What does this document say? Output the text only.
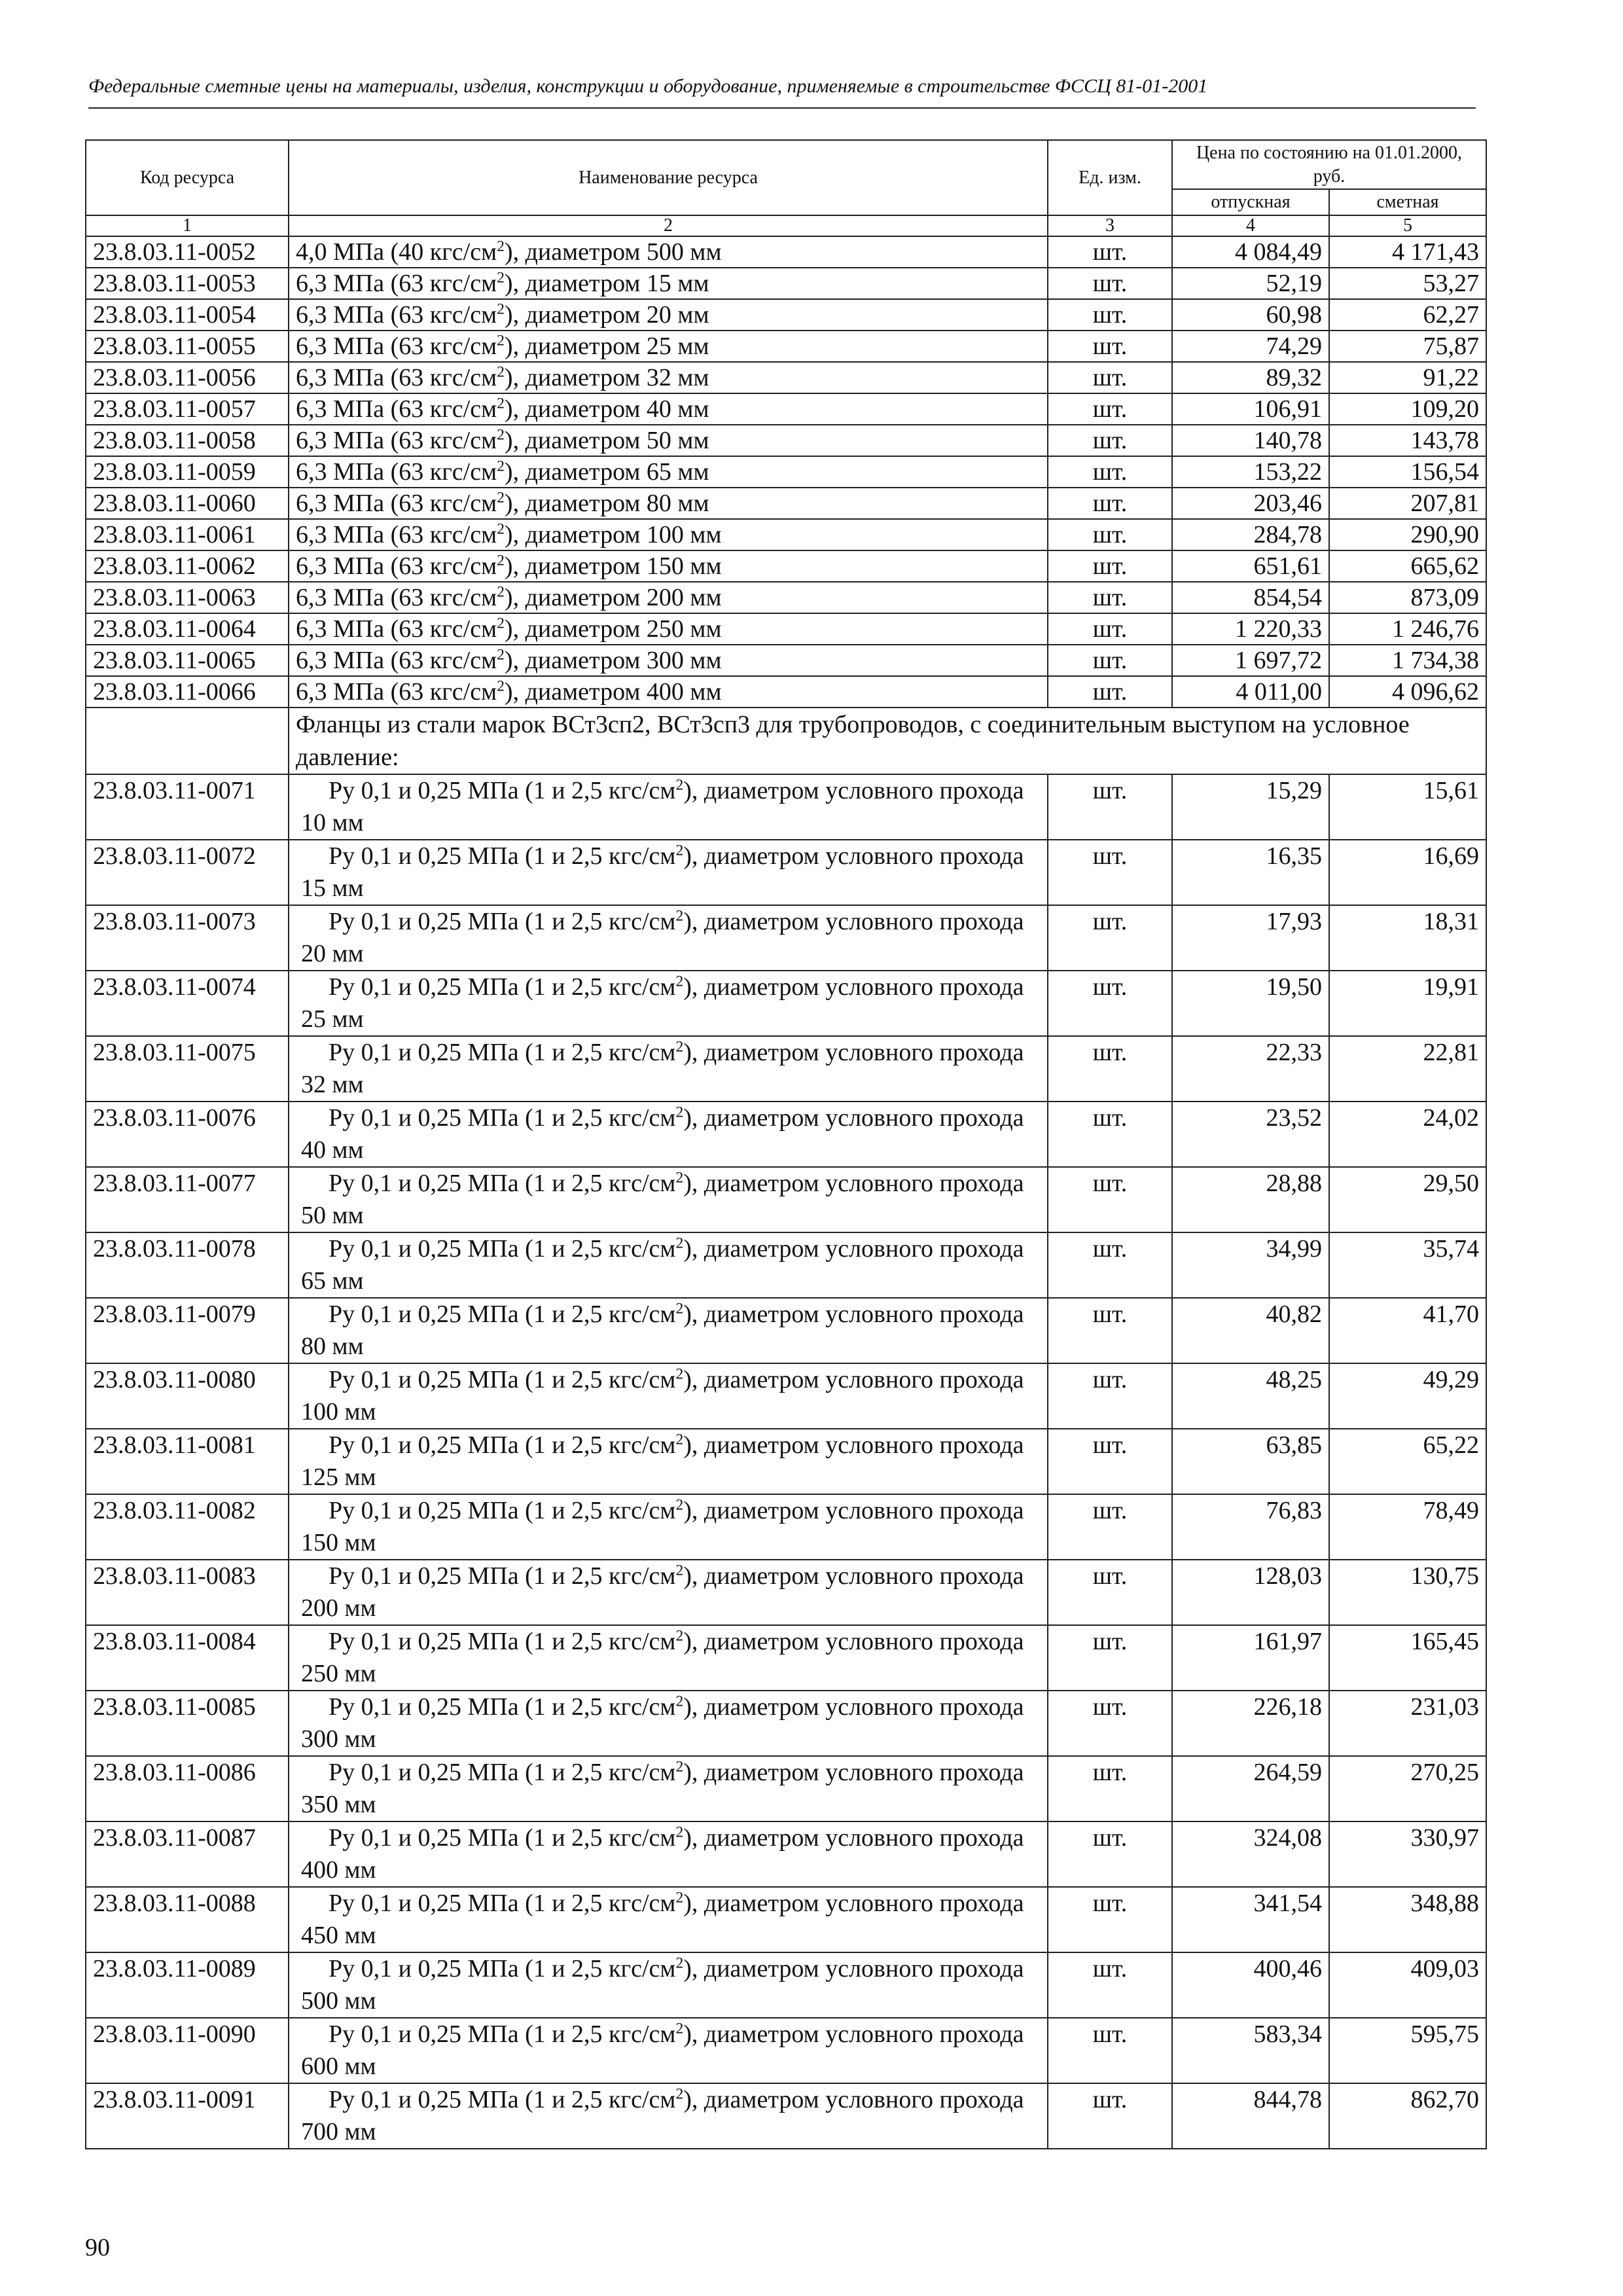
Федеральные сметные цены на материалы, изделия, конструкции и оборудование, применяемые в строительстве ФССЦ 81-01-2001
Код ресурса	Наименование ресурса	Ед. изм.	Цена по состоянию на 01.01.2000, руб.	
			отпускная	сметная
1	2	3	4	5
23.8.03.11-0052	4,0 МПа (40 кгс/$см^2$), диаметром 500 мм	шт.	4 084,49	4 171,43
23.8.03.11-0053	6,3 МПа (63 кгс/$см^2$), диаметром 15 мм	шт.	52,19	53,27
23.8.03.11-0054	6,3 МПа (63 кгс/$см^2$), диаметром 20 мм	шт.	60,98	62,27
23.8.03.11-0055	6,3 МПа (63 кгс/$см^2$), диаметром 25 мм	шт.	74,29	75,87
23.8.03.11-0056	6,3 МПа (63 кгс/$см^2$), диаметром 32 мм	шт.	89,32	91,22
23.8.03.11-0057	6,3 МПа (63 кгс/$см^2$), диаметром 40 мм	шт.	106,91	109,20
23.8.03.11-0058	6,3 МПа (63 кгс/$см^2$), диаметром 50 мм	шт.	140,78	143,78
23.8.03.11-0059	6,3 МПа (63 кгс/$см^2$), диаметром 65 мм	шт.	153,22	156,54
23.8.03.11-0060	6,3 МПа (63 кгс/$см^2$), диаметром 80 мм	шт.	203,46	207,81
23.8.03.11-0061	6,3 МПа (63 кгс/$см^2$), диаметром 100 мм	шт.	284,78	290,90
23.8.03.11-0062	6,3 МПа (63 кгс/$см^2$), диаметром 150 мм	шт.	651,61	665,62
23.8.03.11-0063	6,3 МПа (63 кгс/$см^2$), диаметром 200 мм	шт.	854,54	873,09
23.8.03.11-0064	6,3 МПа (63 кгс/$см^2$), диаметром 250 мм	шт.	1 220,33	1 246,76
23.8.03.11-0065	6,3 МПа (63 кгс/$см^2$), диаметром 300 мм	шт.	1 697,72	1 734,38
23.8.03.11-0066	6,3 МПа (63 кгс/$см^2$), диаметром 400 мм	шт.	4 011,00	4 096,62
	Фланцы из стали марок ВСт3сп2, ВСт3сп3 для трубопроводов, с соединительным выступом на условное давление:			
23.8.03.11-0071	Ру 0,1 и 0,25 МПа (1 и 2,5 кгс/$см^2$), диаметром условного прохода 10 мм	шт.	15,29	15,61
23.8.03.11-0072	Ру 0,1 и 0,25 МПа (1 и 2,5 кгс/$см^2$), диаметром условного прохода 15 мм	шт.	16,35	16,69
23.8.03.11-0073	Ру 0,1 и 0,25 МПа (1 и 2,5 кгс/$см^2$), диаметром условного прохода 20 мм	шт.	17,93	18,31
23.8.03.11-0074	Ру 0,1 и 0,25 МПа (1 и 2,5 кгс/$см^2$), диаметром условного прохода 25 мм	шт.	19,50	19,91
23.8.03.11-0075	Ру 0,1 и 0,25 МПа (1 и 2,5 кгс/$см^2$), диаметром условного прохода 32 мм	шт.	22,33	22,81
23.8.03.11-0076	Ру 0,1 и 0,25 МПа (1 и 2,5 кгс/$см^2$), диаметром условного прохода 40 мм	шт.	23,52	24,02
23.8.03.11-0077	Ру 0,1 и 0,25 МПа (1 и 2,5 кгс/$см^2$), диаметром условного прохода 50 мм	шт.	28,88	29,50
23.8.03.11-0078	Ру 0,1 и 0,25 МПа (1 и 2,5 кгс/$см^2$), диаметром условного прохода 65 мм	шт.	34,99	35,74
23.8.03.11-0079	Ру 0,1 и 0,25 МПа (1 и 2,5 кгс/$см^2$), диаметром условного прохода 80 мм	шт.	40,82	41,70
23.8.03.11-0080	Ру 0,1 и 0,25 МПа (1 и 2,5 кгс/$см^2$), диаметром условного прохода 100 мм	шт.	48,25	49,29
23.8.03.11-0081	Ру 0,1 и 0,25 МПа (1 и 2,5 кгс/$см^2$), диаметром условного прохода 125 мм	шт.	63,85	65,22
23.8.03.11-0082	Ру 0,1 и 0,25 МПа (1 и 2,5 кгс/$см^2$), диаметром условного прохода 150 мм	шт.	76,83	78,49
23.8.03.11-0083	Ру 0,1 и 0,25 МПа (1 и 2,5 кгс/$см^2$), диаметром условного прохода 200 мм	шт.	128,03	130,75
23.8.03.11-0084	Ру 0,1 и 0,25 МПа (1 и 2,5 кгс/$см^2$), диаметром условного прохода 250 мм	шт.	161,97	165,45
23.8.03.11-0085	Ру 0,1 и 0,25 МПа (1 и 2,5 кгс/$см^2$), диаметром условного прохода 300 мм	шт.	226,18	231,03
23.8.03.11-0086	Ру 0,1 и 0,25 МПа (1 и 2,5 кгс/$см^2$), диаметром условного прохода 350 мм	шт.	264,59	270,25
23.8.03.11-0087	Ру 0,1 и 0,25 МПа (1 и 2,5 кгс/$см^2$), диаметром условного прохода 400 мм	шт.	324,08	330,97
23.8.03.11-0088	Ру 0,1 и 0,25 МПа (1 и 2,5 кгс/$см^2$), диаметром условного прохода 450 мм	шт.	341,54	348,88
23.8.03.11-0089	Ру 0,1 и 0,25 МПа (1 и 2,5 кгс/$см^2$), диаметром условного прохода 500 мм	шт.	400,46	409,03
23.8.03.11-0090	Ру 0,1 и 0,25 МПа (1 и 2,5 кгс/$см^2$), диаметром условного прохода 600 мм	шт.	583,34	595,75
23.8.03.11-0091	Ру 0,1 и 0,25 МПа (1 и 2,5 кгс/$см^2$), диаметром условного прохода 700 мм	шт.	844,78	862,70
90
